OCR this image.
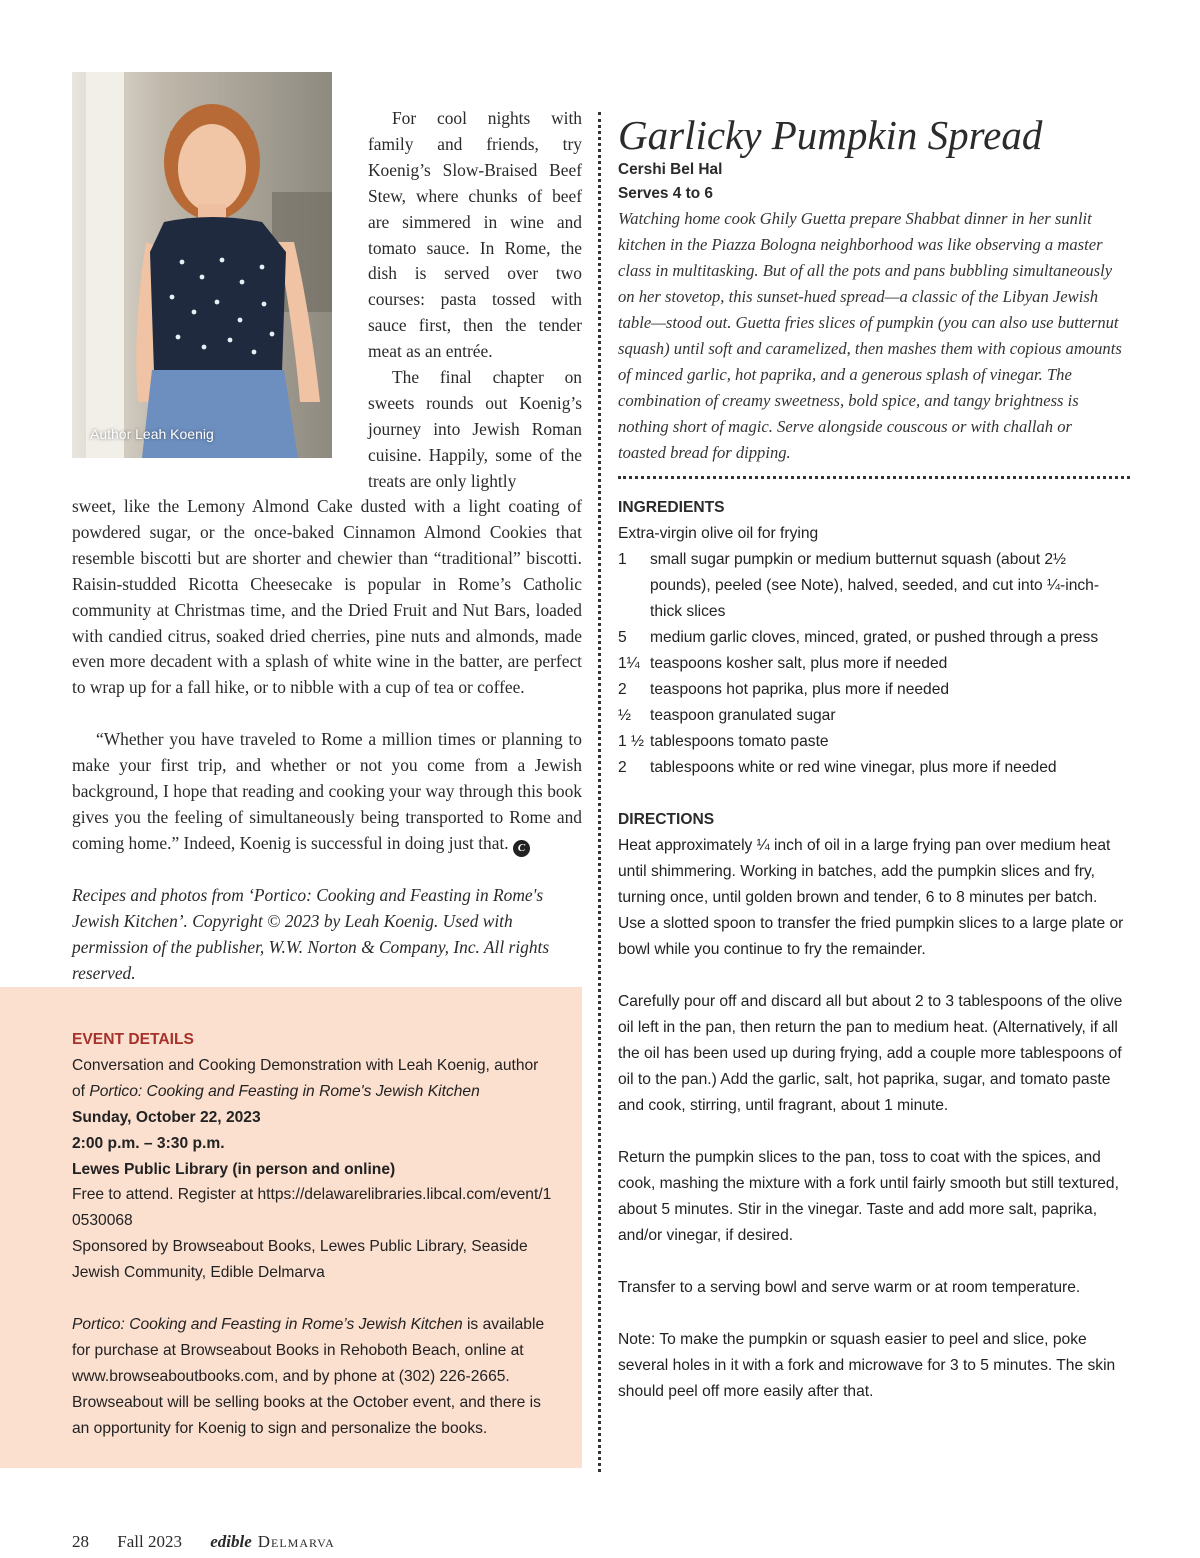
Author Leah Koenig

For cool nights with family and friends, try Koenig’s Slow-Braised Beef Stew, where chunks of beef are simmered in wine and tomato sauce. In Rome, the dish is served over two courses: pasta tossed with sauce first, then the tender meat as an entrée.

The final chapter on sweets rounds out Koenig’s journey into Jewish Roman cuisine. Happily, some of the treats are only lightly

sweet, like the Lemony Almond Cake dusted with a light coating of powdered sugar, or the once-baked Cinnamon Almond Cookies that resemble biscotti but are shorter and chewier than “traditional” biscotti. Raisin-studded Ricotta Cheesecake is popular in Rome’s Catholic community at Christmas time, and the Dried Fruit and Nut Bars, loaded with candied citrus, soaked dried cherries, pine nuts and almonds, made even more decadent with a splash of white wine in the batter, are perfect to wrap up for a fall hike, or to nibble with a cup of tea or coffee.

“Whether you have traveled to Rome a million times or planning to make your first trip, and whether or not you come from a Jewish background, I hope that reading and cooking your way through this book gives you the feeling of simultaneously being transported to Rome and coming home.” Indeed, Koenig is successful in doing just that. C

Recipes and photos from ‘Portico: Cooking and Feasting in Rome's Jewish Kitchen’. Copyright © 2023 by Leah Koenig. Used with permission of the publisher, W.W. Norton & Company, Inc. All rights reserved.

EVENT DETAILS

Conversation and Cooking Demonstration with Leah Koenig, author of Portico: Cooking and Feasting in Rome's Jewish Kitchen

Sunday, October 22, 2023

2:00 p.m. – 3:30 p.m.

Lewes Public Library (in person and online)

Free to attend. Register at https://delawarelibraries.libcal.com/event/10530068

Sponsored by Browseabout Books, Lewes Public Library, Seaside Jewish Community, Edible Delmarva

Portico: Cooking and Feasting in Rome’s Jewish Kitchen is available for purchase at Browseabout Books in Rehoboth Beach, online at www.browseaboutbooks.com, and by phone at (302) 226-2665. Browseabout will be selling books at the October event, and there is an opportunity for Koenig to sign and personalize the books.

Garlicky Pumpkin Spread

Cershi Bel Hal

Serves 4 to 6

Watching home cook Ghily Guetta prepare Shabbat dinner in her sunlit kitchen in the Piazza Bologna neighborhood was like observing a master class in multitasking. But of all the pots and pans bubbling simultaneously on her stovetop, this sunset-hued spread—a classic of the Libyan Jewish table—stood out. Guetta fries slices of pumpkin (you can also use butternut squash) until soft and caramelized, then mashes them with copious amounts of minced garlic, hot paprika, and a generous splash of vinegar. The combination of creamy sweetness, bold spice, and tangy brightness is nothing short of magic. Serve alongside couscous or with challah or toasted bread for dipping.

INGREDIENTS

Extra-virgin olive oil for frying
1	small sugar pumpkin or medium butternut squash (about 2½ pounds), peeled (see Note), halved, seeded, and cut into ¼-inch-thick slices
5	medium garlic cloves, minced, grated, or pushed through a press
1¼ teaspoons kosher salt, plus more if needed
2	teaspoons hot paprika, plus more if needed
½	teaspoon granulated sugar
1 ½ tablespoons tomato paste
2	tablespoons white or red wine vinegar, plus more if needed

DIRECTIONS

Heat approximately ¼ inch of oil in a large frying pan over medium heat until shimmering. Working in batches, add the pumpkin slices and fry, turning once, until golden brown and tender, 6 to 8 minutes per batch. Use a slotted spoon to transfer the fried pumpkin slices to a large plate or bowl while you continue to fry the remainder.

Carefully pour off and discard all but about 2 to 3 tablespoons of the olive oil left in the pan, then return the pan to medium heat. (Alternatively, if all the oil has been used up during frying, add a couple more tablespoons of oil to the pan.) Add the garlic, salt, hot paprika, sugar, and tomato paste and cook, stirring, until fragrant, about 1 minute.

Return the pumpkin slices to the pan, toss to coat with the spices, and cook, mashing the mixture with a fork until fairly smooth but still textured, about 5 minutes. Stir in the vinegar. Taste and add more salt, paprika, and/or vinegar, if desired.

Transfer to a serving bowl and serve warm or at room temperature.

Note: To make the pumpkin or squash easier to peel and slice, poke several holes in it with a fork and microwave for 3 to 5 minutes. The skin should peel off more easily after that.

28 Fall 2023 edible Delmarva
